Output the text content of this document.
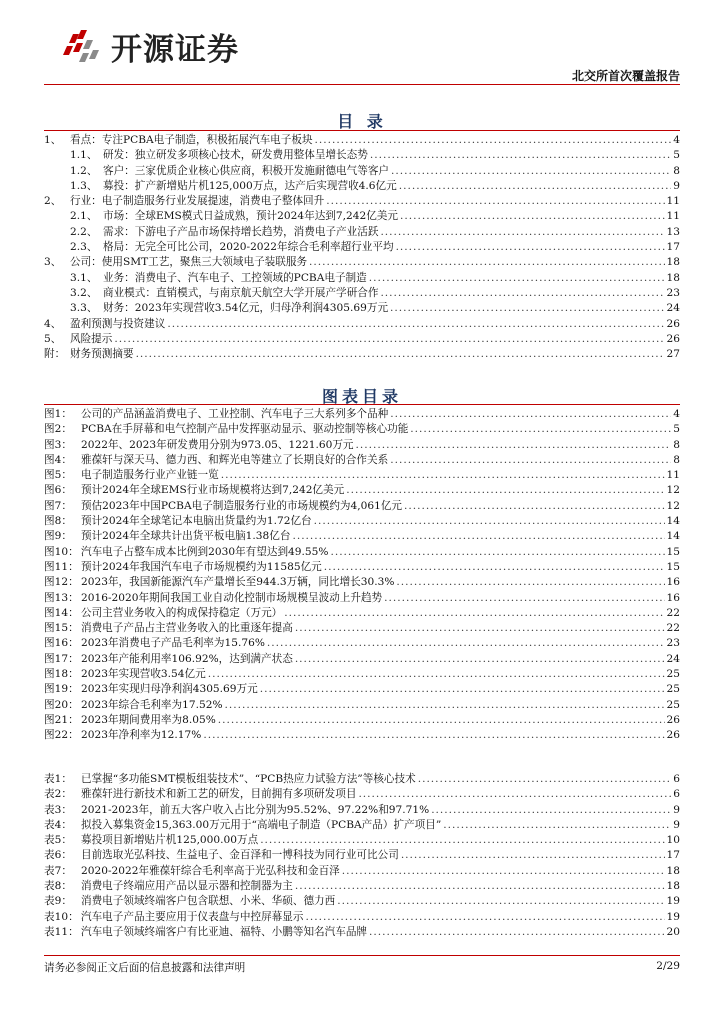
开源证券
北交所首次覆盖报告
目 录
1、 看点：专注PCBA电子制造，积极拓展汽车电子板块 .....	4
1.1、 研发：独立研发多项核心技术，研发费用整体呈增长态势 .....	5
1.2、 客户：三家优质企业核心供应商，积极开发施耐德电气等客户 .....	8
1.3、 募投：扩产新增贴片机125,000万点，达产后实现营收4.6亿元 .....	9
2、 行业：电子制造服务行业发展提速，消费电子整体回升 .....	11
2.1、 市场：全球EMS模式日益成熟，预计2024年达到7,242亿美元 .....	11
2.2、 需求：下游电子产品市场保持增长趋势，消费电子产业活跃 .....	13
2.3、 格局：无完全可比公司，2020-2022年综合毛利率超行业平均 .....	17
3、 公司：使用SMT工艺，聚焦三大领域电子装联服务 .....	18
3.1、 业务：消费电子、汽车电子、工控领域的PCBA电子制造 .....	18
3.2、 商业模式：直销模式，与南京航天航空大学开展产学研合作 .....	23
3.3、 财务：2023年实现营收3.54亿元，归母净利润4305.69万元 .....	24
4、 盈利预测与投资建议 .....	26
5、 风险提示 .....	26
附： 财务预测摘要 .....	27
图表目录
图1： 公司的产品涵盖消费电子、工业控制、汽车电子三大系列多个品种 .....	4
图2： PCBA在手屏幕和电气控制产品中发挥驱动显示、驱动控制等核心功能 .....	5
图3： 2022年、2023年研发费用分别为973.05、1221.60万元 .....	8
图4： 雅葆轩与深天马、德力西、和辉光电等建立了长期良好的合作关系 .....	8
图5： 电子制造服务行业产业链一览 .....	11
图6： 预计2024年全球EMS行业市场规模将达到7,242亿美元 .....	12
图7： 预估2023年中国PCBA电子制造服务行业的市场规模约为4,061亿元 .....	12
图8： 预计2024年全球笔记本电脑出货量约为1.72亿台 .....	14
图9： 预计2024年全球共计出货平板电脑1.38亿台 .....	14
图10： 汽车电子占整车成本比例到2030年有望达到49.55% .....	15
图11： 预计2024年我国汽车电子市场规模约为11585亿元 .....	15
图12： 2023年，我国新能源汽车产量增长至944.3万辆，同比增长30.3% .....	16
图13： 2016-2020年期间我国工业自动化控制市场规模呈波动上升趋势 .....	16
图14： 公司主营业务收入的构成保持稳定（万元） .....	22
图15： 消费电子产品占主营业务收入的比重逐年提高 .....	22
图16： 2023年消费电子产品毛利率为15.76% .....	23
图17： 2023年产能利用率106.92%，达到满产状态 .....	24
图18： 2023年实现营收3.54亿元 .....	25
图19： 2023年实现归母净利润4305.69万元 .....	25
图20： 2023年综合毛利率为17.52% .....	25
图21： 2023年期间费用率为8.05% .....	26
图22： 2023年净利率为12.17% .....	26
表1： 已掌握“多功能SMT模板组装技术”、“PCB热应力试验方法”等核心技术 .....	6
表2： 雅葆轩进行新技术和新工艺的研发，目前拥有多项研发项目 .....	6
表3： 2021-2023年，前五大客户收入占比分别为95.52%、97.22%和97.71% .....	9
表4： 拟投入募集资金15,363.00万元用于“高端电子制造（PCBA产品）扩产项目” .....	9
表5： 募投项目新增贴片机125,000.00万点 .....	10
表6： 目前选取光弘科技、生益电子、金百泽和一博科技为同行业可比公司 .....	17
表7： 2020-2022年雅葆轩综合毛利率高于光弘科技和金百泽 .....	18
表8： 消费电子终端应用产品以显示器和控制器为主 .....	18
表9： 消费电子领域终端客户包含联想、小米、华硕、德力西 .....	19
表10： 汽车电子产品主要应用于仪表盘与中控屏幕显示 .....	19
表11： 汽车电子领域终端客户有比亚迪、福特、小鹏等知名汽车品牌 .....	20
请务必参阅正文后面的信息披露和法律声明	2/29
